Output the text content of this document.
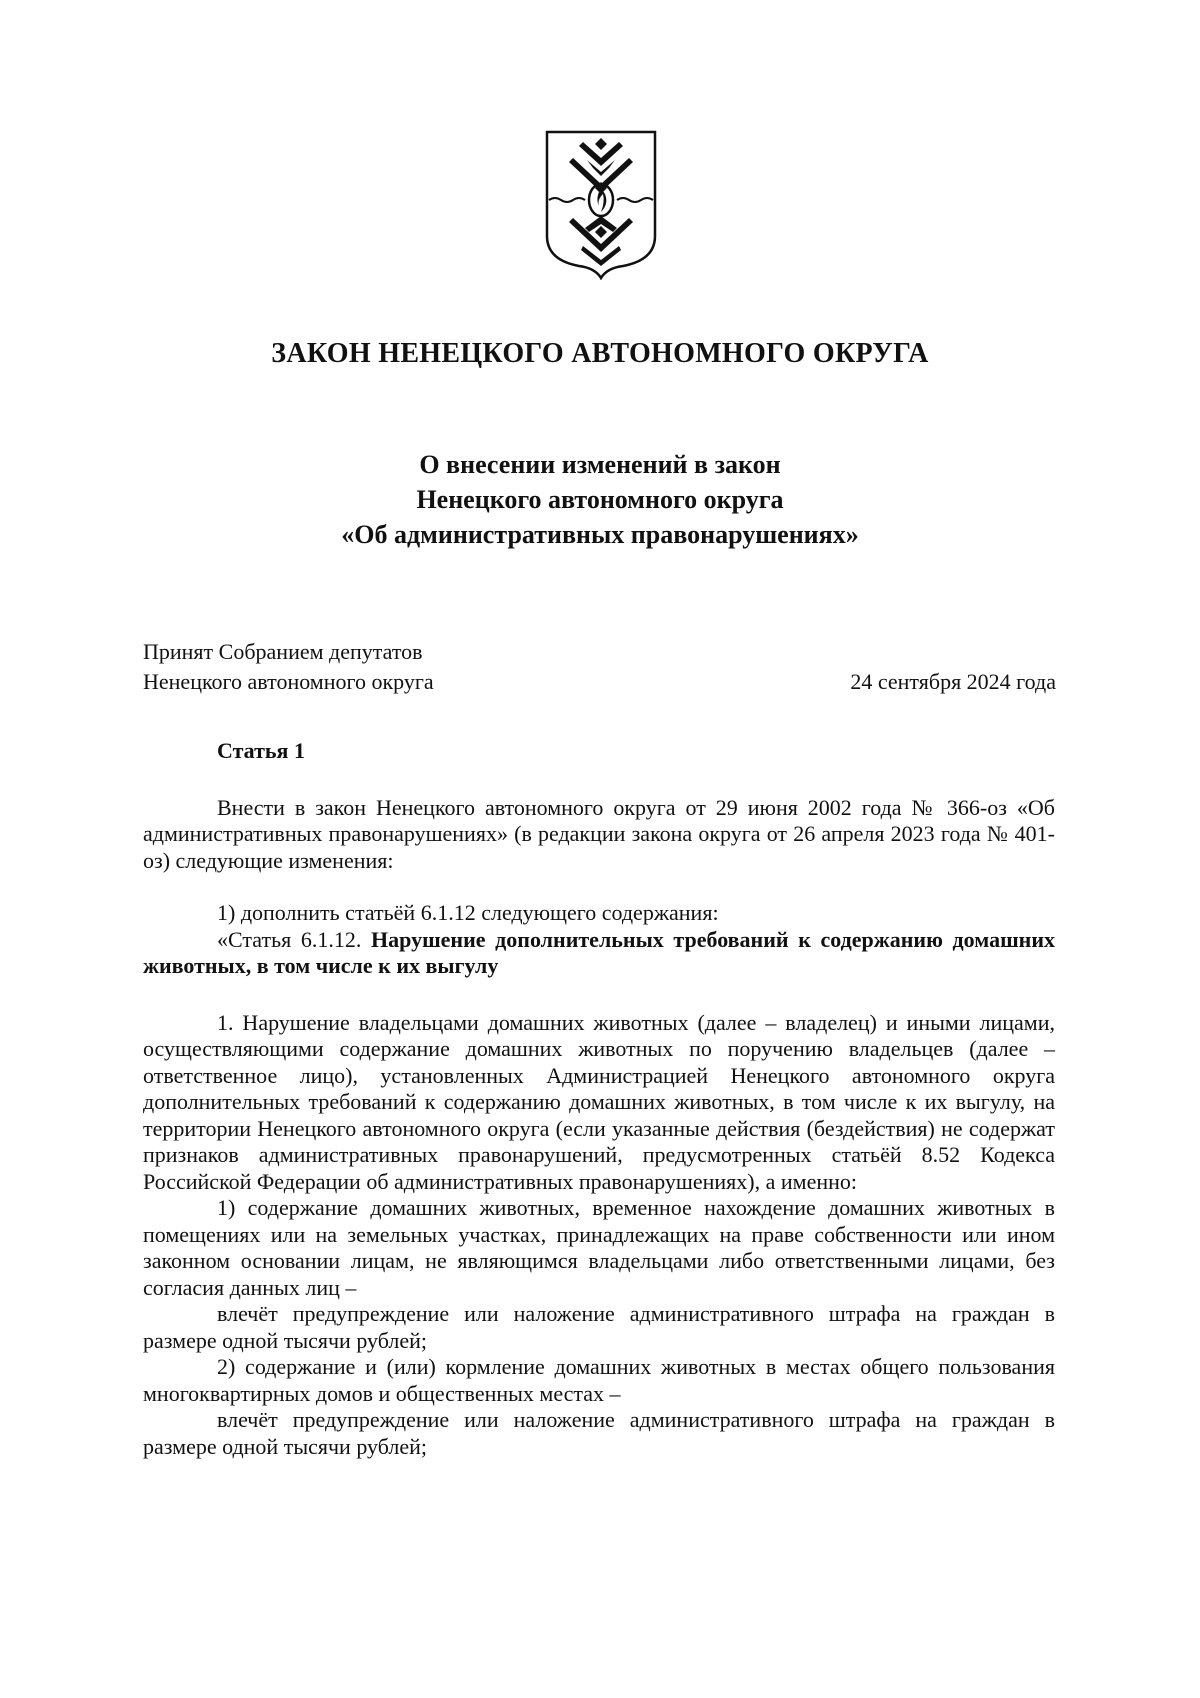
ЗАКОН НЕНЕЦКОГО АВТОНОМНОГО ОКРУГА
О внесении изменений в закон
Ненецкого автономного округа
«Об административных правонарушениях»
Принят Собранием депутатов
Ненецкого автономного округа	24 сентября 2024 года

Статья 1

Внести в закон Ненецкого автономного округа от 29 июня 2002 года № 366-оз «Об административных правонарушениях» (в редакции закона округа от 26 апреля 2023 года № 401-оз) следующие изменения:

1) дополнить статьёй 6.1.12 следующего содержания:

«Статья 6.1.12. Нарушение дополнительных требований к содержанию домашних животных, в том числе к их выгулу

1. Нарушение владельцами домашних животных (далее – владелец) и иными лицами, осуществляющими содержание домашних животных по поручению владельцев (далее – ответственное лицо), установленных Администрацией Ненецкого автономного округа дополнительных требований к содержанию домашних животных, в том числе к их выгулу, на территории Ненецкого автономного округа (если указанные действия (бездействия) не содержат признаков административных правонарушений, предусмотренных статьёй 8.52 Кодекса Российской Федерации об административных правонарушениях), а именно:

1) содержание домашних животных, временное нахождение домашних животных в помещениях или на земельных участках, принадлежащих на праве собственности или ином законном основании лицам, не являющимся владельцами либо ответственными лицами, без согласия данных лиц –

влечёт предупреждение или наложение административного штрафа на граждан в размере одной тысячи рублей;

2) содержание и (или) кормление домашних животных в местах общего пользования многоквартирных домов и общественных местах –

влечёт предупреждение или наложение административного штрафа на граждан в размере одной тысячи рублей;
